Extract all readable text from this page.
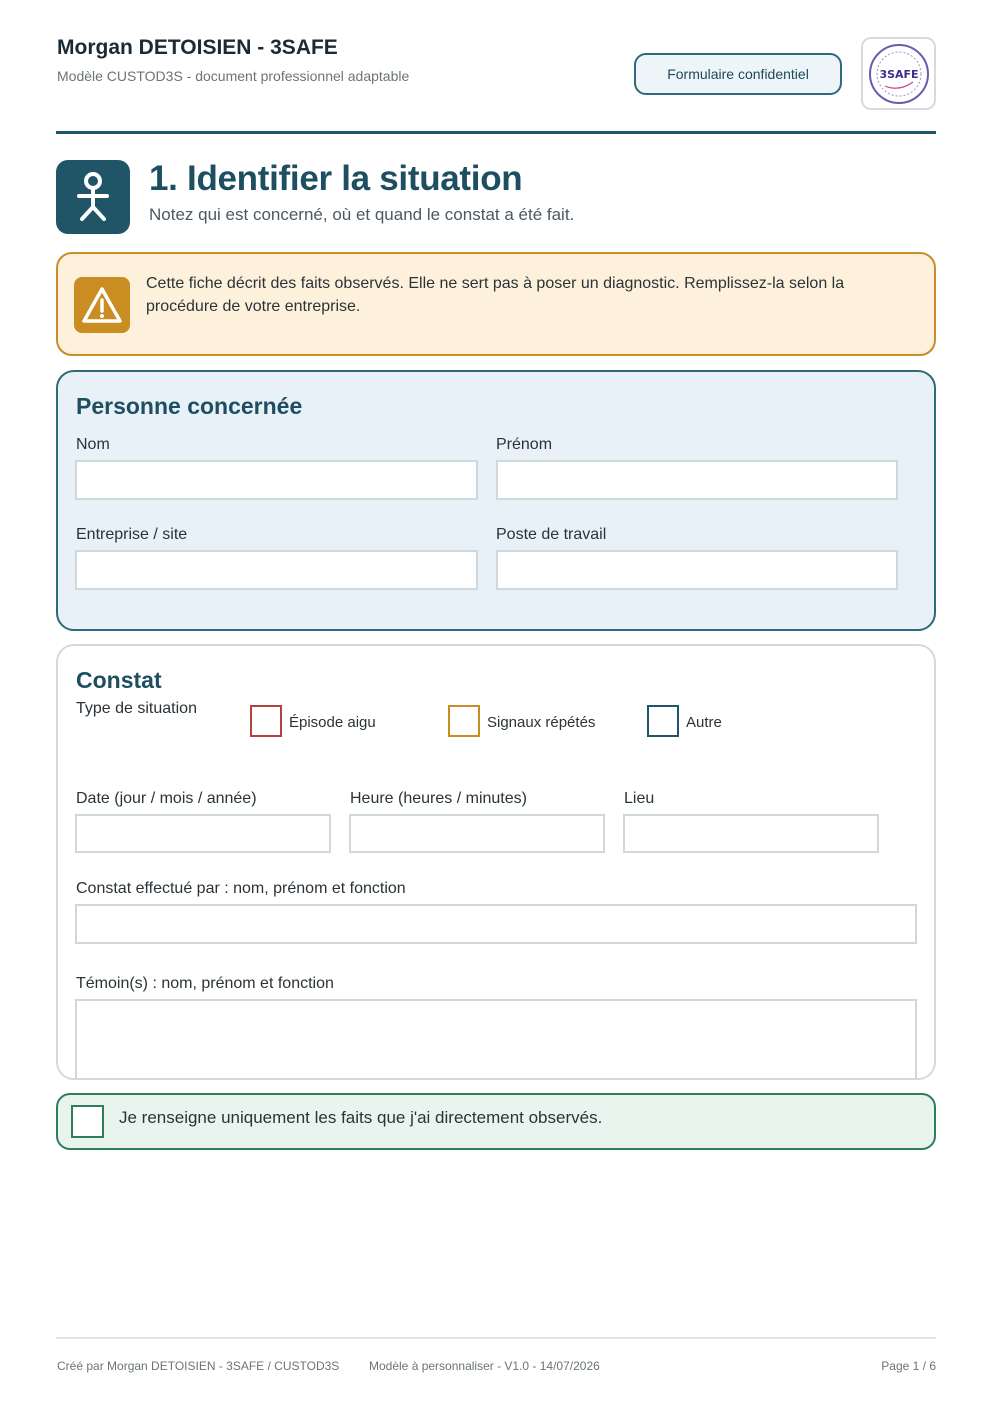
Morgan DETOISIEN - 3SAFE
Modèle CUSTOD3S - document professionnel adaptable	Formulaire confidentiel	3SAFE
1. Identifier la situation
Notez qui est concerné, où et quand le constat a été fait.
Cette fiche décrit des faits observés. Elle ne sert pas à poser un diagnostic. Remplissez-la selon la procédure de votre entreprise.
Personne concernée
Nom	Prénom
Entreprise / site	Poste de travail
Constat
Type de situation
Épisode aigu	Signaux répétés	Autre
Date (jour / mois / année)	Heure (heures / minutes)	Lieu
Constat effectué par : nom, prénom et fonction
Témoin(s) : nom, prénom et fonction
Je renseigne uniquement les faits que j'ai directement observés.
Créé par Morgan DETOISIEN - 3SAFE / CUSTOD3S Modèle à personnaliser - V1.0 - 14/07/2026	Page 1 / 6
